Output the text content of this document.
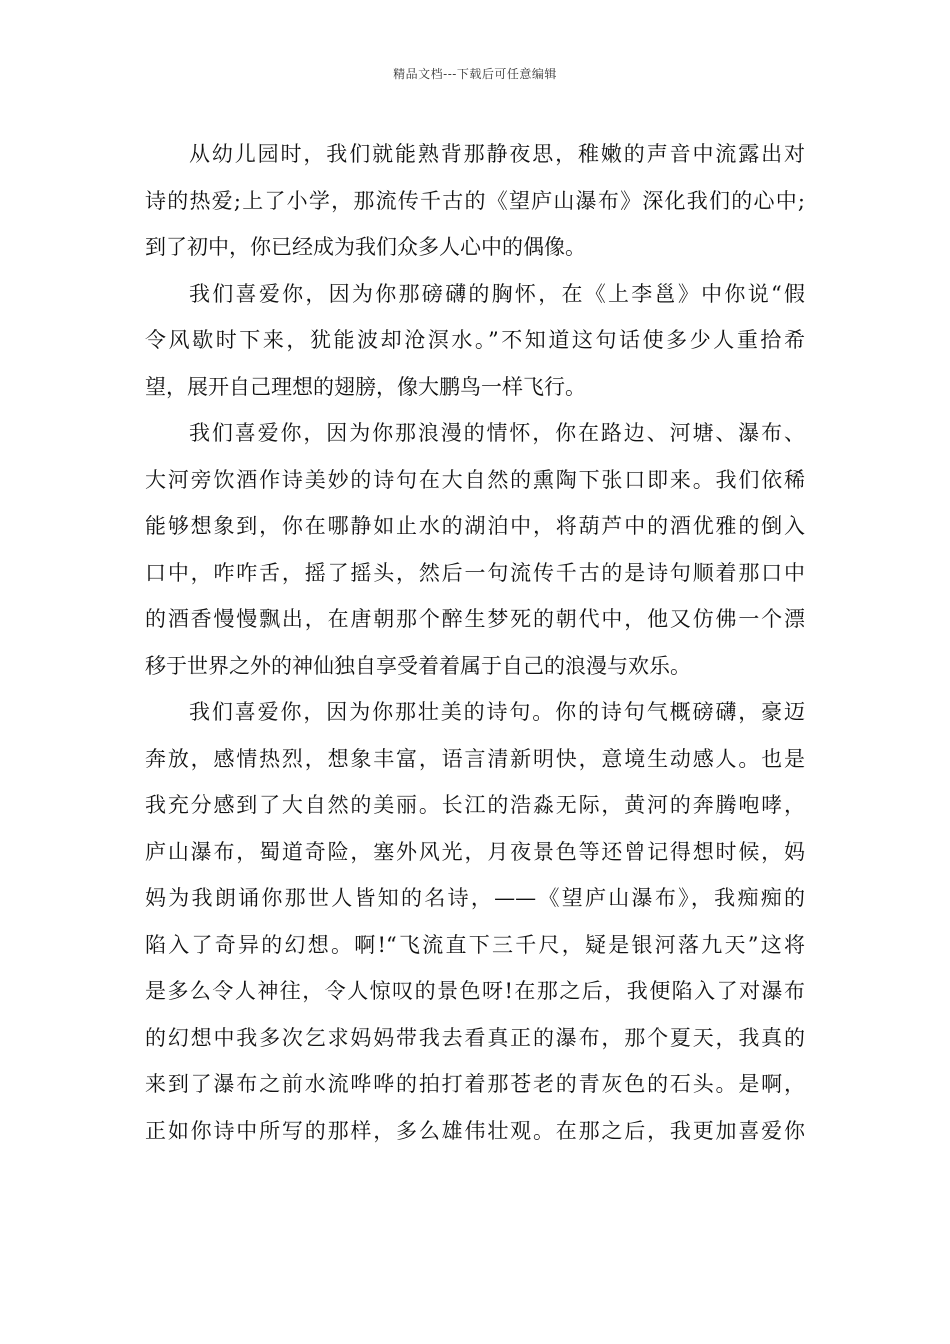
精品文档---下载后可任意编辑
从幼儿园时，我们就能熟背那静夜思，稚嫩的声音中流露出对
诗的热爱;上了小学，那流传千古的《望庐山瀑布》深化我们的心中;
到了初中，你已经成为我们众多人心中的偶像。
我们喜爱你，因为你那磅礴的胸怀，在《上李邕》中你说“假
令风歇时下来，犹能波却沧溟水。”不知道这句话使多少人重拾希
望，展开自己理想的翅膀，像大鹏鸟一样飞行。
我们喜爱你，因为你那浪漫的情怀，你在路边、河塘、瀑布、
大河旁饮酒作诗美妙的诗句在大自然的熏陶下张口即来。我们依稀
能够想象到，你在哪静如止水的湖泊中，将葫芦中的酒优雅的倒入
口中，咋咋舌，摇了摇头，然后一句流传千古的是诗句顺着那口中
的酒香慢慢飘出，在唐朝那个醉生梦死的朝代中，他又仿佛一个漂
移于世界之外的神仙独自享受着着属于自己的浪漫与欢乐。
我们喜爱你，因为你那壮美的诗句。你的诗句气概磅礴，豪迈
奔放，感情热烈，想象丰富，语言清新明快，意境生动感人。也是
我充分感到了大自然的美丽。长江的浩淼无际，黄河的奔腾咆哮，
庐山瀑布，蜀道奇险，塞外风光，月夜景色等还曾记得想时候，妈
妈为我朗诵你那世人皆知的名诗，——《望庐山瀑布》，我痴痴的
陷入了奇异的幻想。啊!“飞流直下三千尺，疑是银河落九天”这将
是多么令人神往，令人惊叹的景色呀!在那之后，我便陷入了对瀑布
的幻想中我多次乞求妈妈带我去看真正的瀑布，那个夏天，我真的
来到了瀑布之前水流哗哗的拍打着那苍老的青灰色的石头。是啊，
正如你诗中所写的那样，多么雄伟壮观。在那之后，我更加喜爱你
